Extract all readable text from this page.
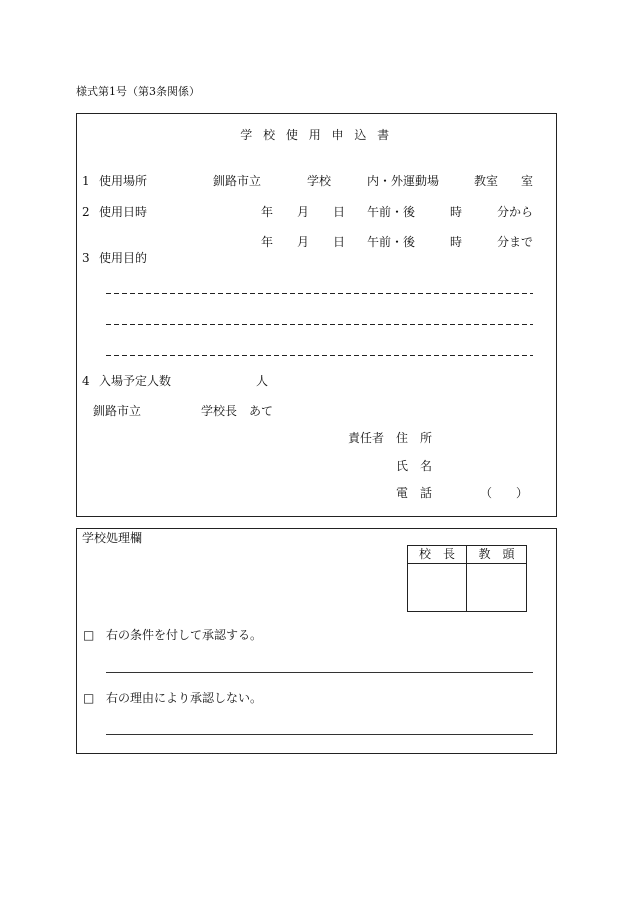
様式第1号（第3条関係）
学 校 使 用 申 込 書
1 使用場所	釧路市立	学校	内・外運動場	教室 室
2 使用日時	年 月 日 午前・後	時	分から
年 月 日 午前・後	時	分まで
3 使用目的
4 入場予定人数	人
釧路市立	学校長 あて
責任者 住　所
氏　名
電　話	（　　）
学校処理欄
校　長	教　頭
□ 右の条件を付して承認する。
□ 右の理由により承認しない。
